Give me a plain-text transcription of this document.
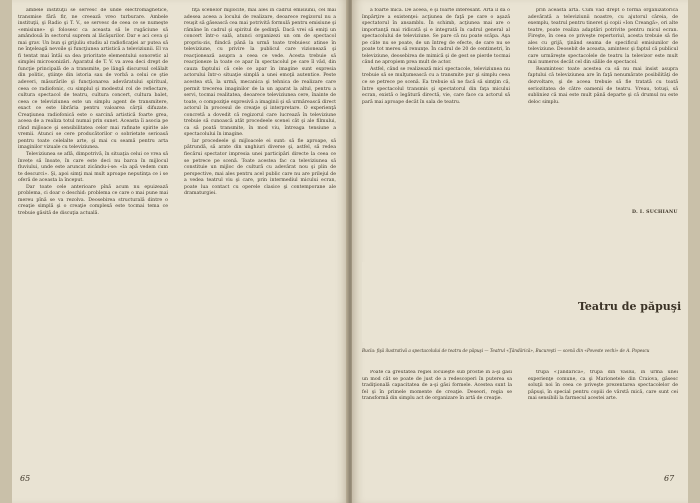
ambele instituţii se servesc de unde electromagnetice, transmise fără fir, ne creează vreo turburare. Ambele instituţii, şi Radio şi T. V., se servesc de ceea ce se numeşte «emisiune» şi folosesc ca aceasta să le rugăciune să amândouă în sectorul suprem al lăcăşurilor. Dar e aci ceva şi mai grav. Un bun şi grijuliu studiu al radioficaţiei ar putea să ne înţeleagă nevoile şi funcţiunea artistică a televiziunii. El va fi tentat mai întâi sa dea prioritate elementului sonoretic al simplei microsonizări. Aparatul de T. V. va avea deci drept de funcţie principală de a transmite, pe lângă discursul celălalt din politic, ştiinţe din istoria sau de vorbă a celui ce ştie adeveri, măsurările şi funcţionarea adevăratului spiritual, ceea ce radiofonic, cu simplul şi modestul rol de reflectare, cultura spectacol de teatru, cultura concert, cultura balet, ceea ce televiziunea este un simplu agent de transmitere, exact ce este librăria pentru valoarea cărţii difuzate. Creaţiunea radiofonică este o sarcină artistică foarte grea, aceea de a realiza totul numai prin sunet. Aceasta îi asocia pe rând mijloace şi sensibilitatea celor mai rafinate spirite ale vremii. Atunci se cere producătorilor o sobrietate serioasă pentru toate celelalte arte, şi mai cu seamă pentru arta imaginilor vizuale cu televiziunea.

Televiziunea se află, dimpotrivă, în situaţia celui ce vrea să învețe să înoate, în care este deci nu barca în mijlocul fluviului, unde este aruncat zicându-i-se: «la apă vedem cum te descurci». Şi, apoi simţi mai mult aproape neputinţa ce i se oferă de aceasta la început.

Dar toate cele anterioare pînă acum nu epuizează problema, ci doar o deschid: problema ce care o mai pune mai mereu pînă se va rezolva. Deosebirea structurală dintre o creaţie simplă şi o creaţie complexă este tocmai tema ce trebuie găsită de discuţia actuală.

fiţa scenelor mijlocite, mai ales în cadrul emisiunii, cel mai adesea aceea a locului de realizare, deoarece regizorul nu a reuşit să găsească cea mai potrivită formulă pentru emisiune şi rămâne în cadrul şi spiritul de şedinţă. Dacă vrei să emiţi un concert într-o sală, atunci organizezi un om de spectacol propriu-zis, fiindcă până la urmă toate trebuiesc atinse în televiziune, cu privire la publicul care vizionează şi reacţionează asupra a ceea ce vede. Acesta trebuie să reacţioneze la toate ce apar în spectacolul pe care îl văd, din cauza faptului că cele ce apar în imagine sunt expresia actorului într-o situaţie simplă a unei emoţii autentice. Peste acestea stă, la urmă, mecanica şi tehnica de realizare care permit trecerea imaginilor de la un aparat la altul, pentru a servi, tocmai realitatea, deoarece televiziunea cere, înainte de toate, o compoziţie expresivă a imaginii şi să urmărească direct actorul în procesul de creaţie şi interpretare. O experienţă concretă a dovedit că regizorul care lucrează în televiziune trebuie să cunoască atât procedeele scenei cât şi ale filmului, ca să poată transmite, în mod viu, întreaga tensiune a spectacolului în imagine.

Iar procedeele şi mijloacele ei sunt: să fie aproape, să pătrundă, să arate din unghiuri diverse şi, astfel, să redea fiecărui spectator impresia unei participări directe la ceea ce se petrece pe scenă. Toate acestea fac ca televiziunea să constituie un mijloc de cultură cu adevărat nou şi plin de perspective, mai ales pentru acel public care nu are prilejul de a vedea teatrul viu şi care, prin intermediul micului ecran, poate lua contact cu operele clasice şi contemporane ale dramaturgiei.

65

a foarte mică. De aceea, e şi foarte interesant. Arta îl dă o împărţire a existenţei: acţiunea de faţă pe care o aşază spectatorul în ansamblu. În schimb, acţiunea mai are o importanţă mai ridicată şi e integrată în cadrul general al spectacolului de televiziune. Se pare că nu poate scăpa. Aşa pe câte nu se poate, de un întreg de efecte, de care nu se poate tot mereu să renunţe. În cadrul de 20 de centimetri, în televiziune, deosebirea de mimică şi de gest se pierde tocmai când ne apropiem prea mult de actor.

Astfel, când se realizează mici spectacole, televiziunea nu trebuie să se mulţumească cu a transmite pur şi simplu ceea ce se petrece pe scenă. Ea trebuie să ne facă să simţim că, între spectacolul transmis şi spectatorul din faţa micului ecran, există o legătură directă, vie, care face ca actorul să pară mai aproape decât în sala de teatru.

prin această artă. Cum văd drept o formă organizatorică adevărată a televiziunii noastre, cu ajutorul căreia, de exemplu, teatrul pentru tineret şi copii «Ion Creangă», ori alte teatre, poate realiza adaptări potrivite pentru micul ecran. Fireşte, în ceea ce priveşte repertoriul, acesta trebuie să fie ales cu grijă, ţinând seama de specificul emisiunilor de televiziune. Deosebit de aceasta, amintesc şi faptul că publicul care urmăreşte spectacolele de teatru la televizor este mult mai numeros decât cel din sălile de spectacol.

Reamintesc toate acestea ca să nu mai insist asupra faptului că televiziunea are în faţă nenumărate posibilităţi de dezvoltare, şi de aceea trebuie să fie tratată cu toată seriozitatea de către oamenii de teatru. Vreau, totuşi, să subliniez că mai este mult până departe şi că drumul nu este deloc simplu.

D. I. SUCHIANU
Teatru de păpuşi
Bucla: fişă ilustrativă a spectacolului de teatru de păpuşi — Teatrul «Ţăndărică», Bucureşti — scenă din «Poveste vechi» de A. Popescu

Poate că greutatea regiei locuieşte sub prostie în a-şi găsi un mod cât se poate de just de a redescoperi în puterea sa tradiţională capacitatea de a-şi găsi formele. Acestea sunt la fel şi în primele momente de creaţie. Deseori, regia se transformă din simplu act de organizare în artă de creaţie.

trupa «Ţăndărică», trupa din Vaslui, în urma unei experienţe comune, ca şi Marionetele din Craiova, găsesc soluţii noi în ceea ce priveşte prezentarea spectacolelor de păpuşi, în special pentru copiii de vârstă mică, care sunt cei mai sensibili la farmecul acestei arte.

67
